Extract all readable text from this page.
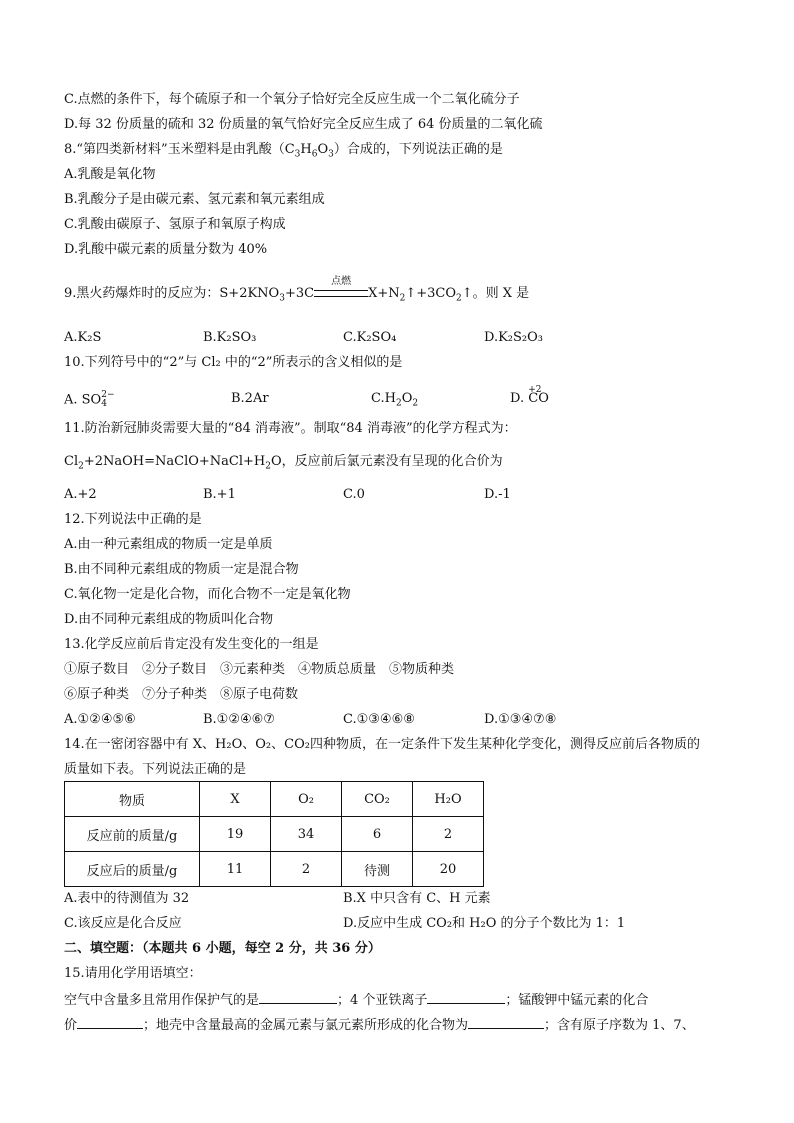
C.点燃的条件下，每个硫原子和一个氧分子恰好完全反应生成一个二氧化硫分子
D.每 32 份质量的硫和 32 份质量的氧气恰好完全反应生成了 64 份质量的二氧化硫
8.“第四类新材料”玉米塑料是由乳酸$(C_3H_6O_3)$合成的，下列说法正确的是
A.乳酸是氧化物
B.乳酸分子是由碳元素、氢元素和氧元素组成
C.乳酸由碳原子、氢原子和氧原子构成
D.乳酸中碳元素的质量分数为 40%
9.黑火药爆炸时的反应为：$S+2KNO_3+3C$
点燃
$X+N_2↑+3CO_2↑$。则 X 是
A.K₂S	B.K₂SO₃	C.K₂SO₄	D.K₂S₂O₃
10.下列符号中的“2”与 Cl₂ 中的“2”所表示的含义相似的是
A. SO 2−
4	B.2Ar	$C.H_2O_2$	D.
+2
CO
11.防治新冠肺炎需要大量的“84 消毒液”。制取“84 消毒液”的化学方程式为：
$Cl_2+2NaOH=NaClO+NaCl+H_2O$，反应前后氯元素没有呈现的化合价为
A.+2	B.+1	C.0	D.-1
12.下列说法中正确的是
A.由一种元素组成的物质一定是单质
B.由不同种元素组成的物质一定是混合物
C.氧化物一定是化合物，而化合物不一定是氧化物
D.由不同种元素组成的物质叫化合物
13.化学反应前后肯定没有发生变化的一组是
①原子数目　②分子数目　③元素种类　④物质总质量　⑤物质种类
⑥原子种类　⑦分子种类　⑧原子电荷数
A.①②④⑤⑥	B.①②④⑥⑦	C.①③④⑥⑧	D.①③④⑦⑧
14.在一密闭容器中有 X、H₂O、O₂、CO₂四种物质，在一定条件下发生某种化学变化，测得反应前后各物质的
质量如下表。下列说法正确的是
物质	X	O₂	CO₂	H₂O
反应前的质量/g	19	34	6	2
反应后的质量/g	11	2	待测	20
A.表中的待测值为 32	B.X 中只含有 C、H 元素
C.该反应是化合反应	D.反应中生成 CO₂和 H₂O 的分子个数比为 1：1
二、填空题：（本题共 6 小题，每空 2 分，共 36 分）
15.请用化学用语填空：
空气中含量多且常用作保护气的是	；4 个亚铁离子	；锰酸钾中锰元素的化合
价	；地壳中含量最高的金属元素与氯元素所形成的化合物为	；含有原子序数为 1、7、
